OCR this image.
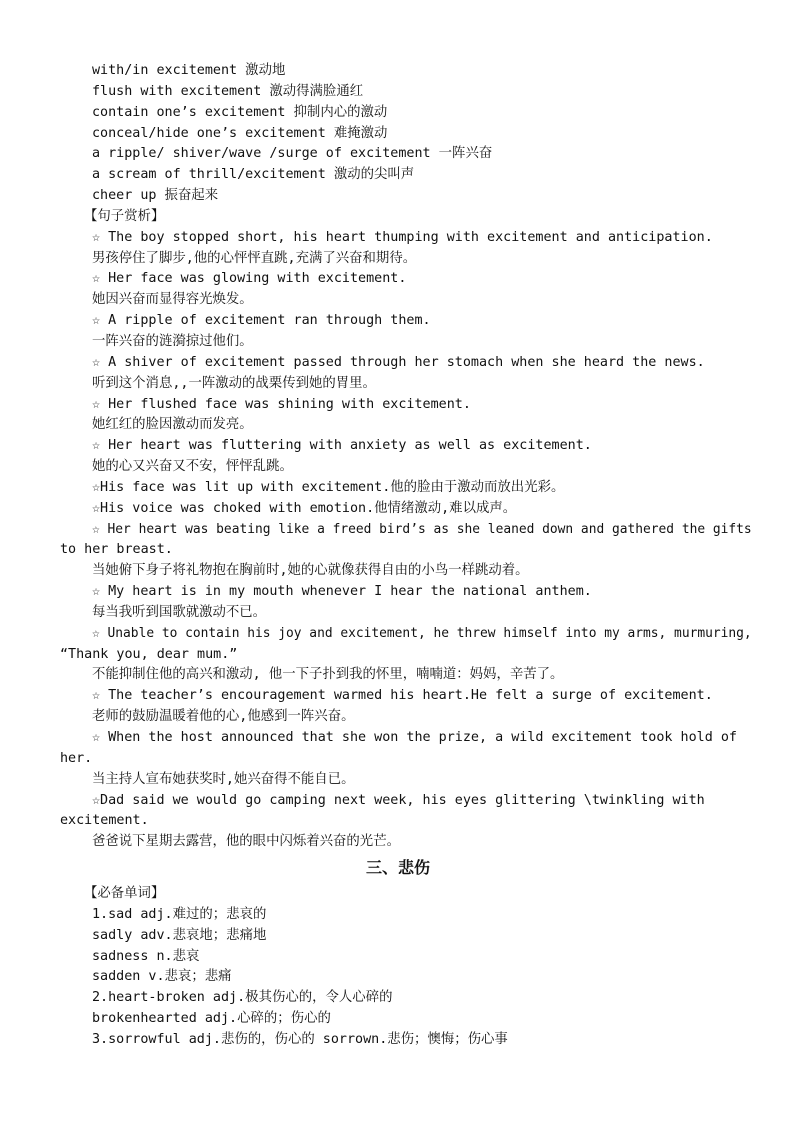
with/in excitement 激动地

flush with excitement 激动得满脸通红

contain one’s excitement 抑制内心的激动

conceal/hide one’s excitement 难掩激动

a ripple/ shiver/wave /surge of excitement 一阵兴奋

a scream of thrill/excitement 激动的尖叫声

cheer up 振奋起来

【句子赏析】

☆ The boy stopped short, his heart thumping with excitement and anticipation.

男孩停住了脚步,他的心怦怦直跳,充满了兴奋和期待。

☆ Her face was glowing with excitement.

她因兴奋而显得容光焕发。

☆ A ripple of excitement ran through them.

一阵兴奋的涟漪掠过他们。

☆ A shiver of excitement passed through her stomach when she heard the news.

听到这个消息,,一阵激动的战栗传到她的胃里。

☆ Her flushed face was shining with excitement.

她红红的脸因激动而发亮。

☆ Her heart was fluttering with anxiety as well as excitement.

她的心又兴奋又不安，怦怦乱跳。

☆His face was lit up with excitement.他的脸由于激动而放出光彩。

☆His voice was choked with emotion.他情绪激动,难以成声。

☆ Her heart was beating like a freed bird’s as she leaned down and gathered the gifts

to her breast.

当她俯下身子将礼物抱在胸前时,她的心就像获得自由的小鸟一样跳动着。

☆ My heart is in my mouth whenever I hear the national anthem.

每当我听到国歌就激动不已。

☆ Unable to contain his joy and excitement, he threw himself into my arms, murmuring,

“Thank you, dear mum.”

不能抑制住他的高兴和激动, 他一下子扑到我的怀里，喃喃道：妈妈，辛苦了。

☆ The teacher’s encouragement warmed his heart.He felt a surge of excitement.

老师的鼓励温暖着他的心,他感到一阵兴奋。

☆ When the host announced that she won the prize, a wild excitement took hold of

her.

当主持人宣布她获奖时,她兴奋得不能自已。

☆Dad said we would go camping next week, his eyes glittering \twinkling with

excitement.

爸爸说下星期去露营，他的眼中闪烁着兴奋的光芒。

三、悲伤

【必备单词】

1.sad adj.难过的；悲哀的

sadly adv.悲哀地；悲痛地

sadness n.悲哀

sadden v.悲哀；悲痛

2.heart-broken adj.极其伤心的，令人心碎的

brokenhearted adj.心碎的；伤心的

3.sorrowful adj.悲伤的，伤心的 sorrown.悲伤；懊悔；伤心事
